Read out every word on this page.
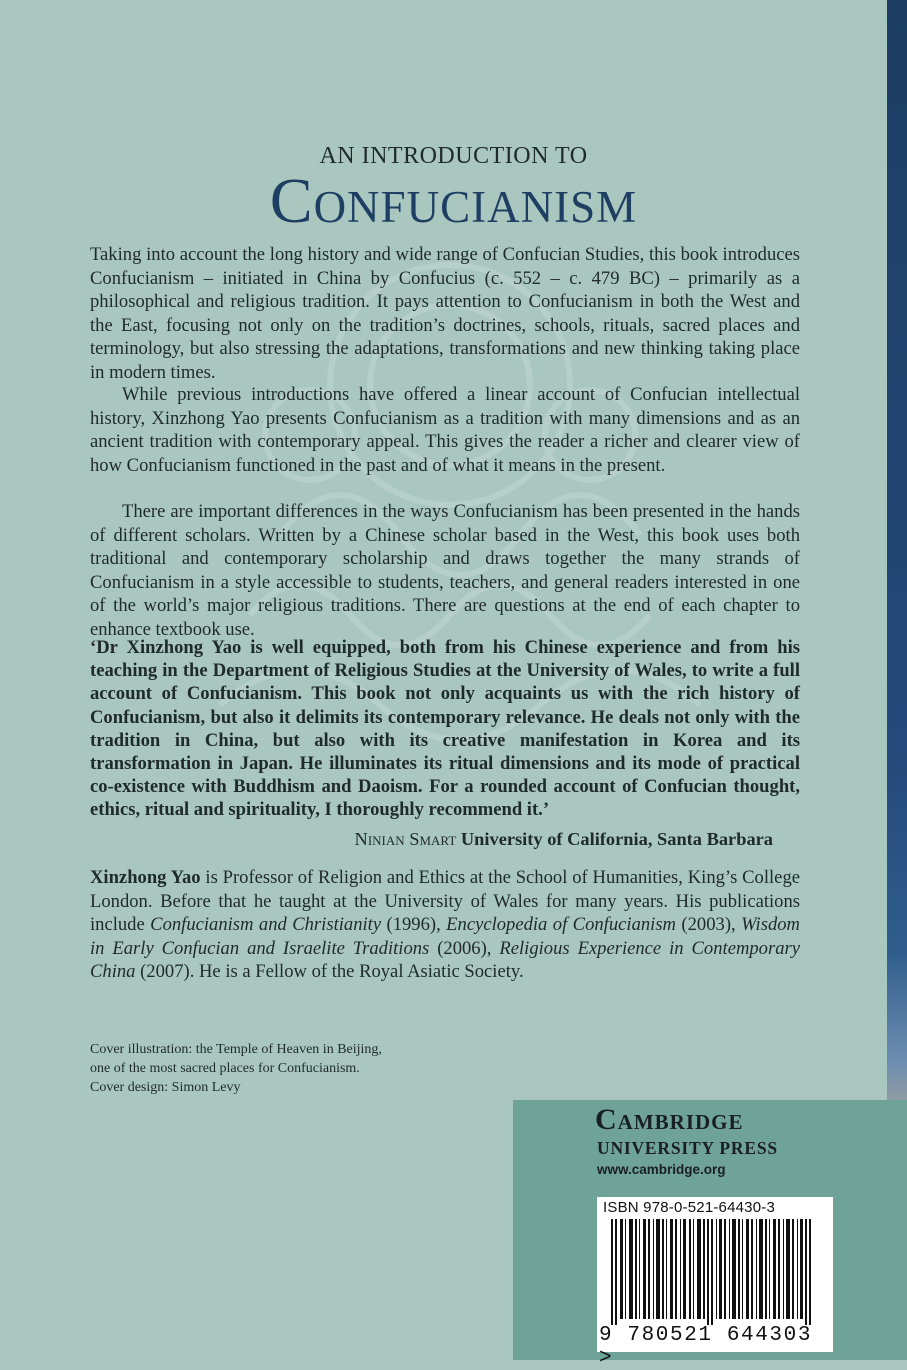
AN INTRODUCTION TO
Confucianism

Taking into account the long history and wide range of Confucian Studies, this book introduces Confucianism – initiated in China by Confucius (c. 552 – c. 479 BC) – primarily as a philosophical and religious tradition. It pays attention to Confucianism in both the West and the East, focusing not only on the tradition’s doctrines, schools, rituals, sacred places and terminology, but also stressing the adaptations, transformations and new thinking taking place in modern times.

While previous introductions have offered a linear account of Confucian intellectual history, Xinzhong Yao presents Confucianism as a tradition with many dimensions and as an ancient tradition with contemporary appeal. This gives the reader a richer and clearer view of how Confucianism functioned in the past and of what it means in the present.

There are important differences in the ways Confucianism has been presented in the hands of different scholars. Written by a Chinese scholar based in the West, this book uses both traditional and contemporary scholarship and draws together the many strands of Confucianism in a style accessible to students, teachers, and general readers interested in one of the world’s major religious traditions. There are questions at the end of each chapter to enhance textbook use.

‘Dr Xinzhong Yao is well equipped, both from his Chinese experience and from his teaching in the Department of Religious Studies at the University of Wales, to write a full account of Confucianism. This book not only acquaints us with the rich history of Confucianism, but also it delimits its contemporary relevance. He deals not only with the tradition in China, but also with its creative manifestation in Korea and its transformation in Japan. He illuminates its ritual dimensions and its mode of practical co-existence with Buddhism and Daoism. For a rounded account of Confucian thought, ethics, ritual and spirituality, I thoroughly recommend it.’
Ninian Smart University of California, Santa Barbara
Xinzhong Yao is Professor of Religion and Ethics at the School of Humanities, King’s College London. Before that he taught at the University of Wales for many years. His publications include Confucianism and Christianity (1996), Encyclopedia of Confucianism (2003), Wisdom in Early Confucian and Israelite Traditions (2006), Religious Experience in Contemporary China (2007). He is a Fellow of the Royal Asiatic Society.
Cover illustration: the Temple of Heaven in Beijing,
one of the most sacred places for Confucianism.
Cover design: Simon Levy
Cambridge
UNIVERSITY PRESS
www.cambridge.org
ISBN 978-0-521-64430-3
9 780521 644303 >
